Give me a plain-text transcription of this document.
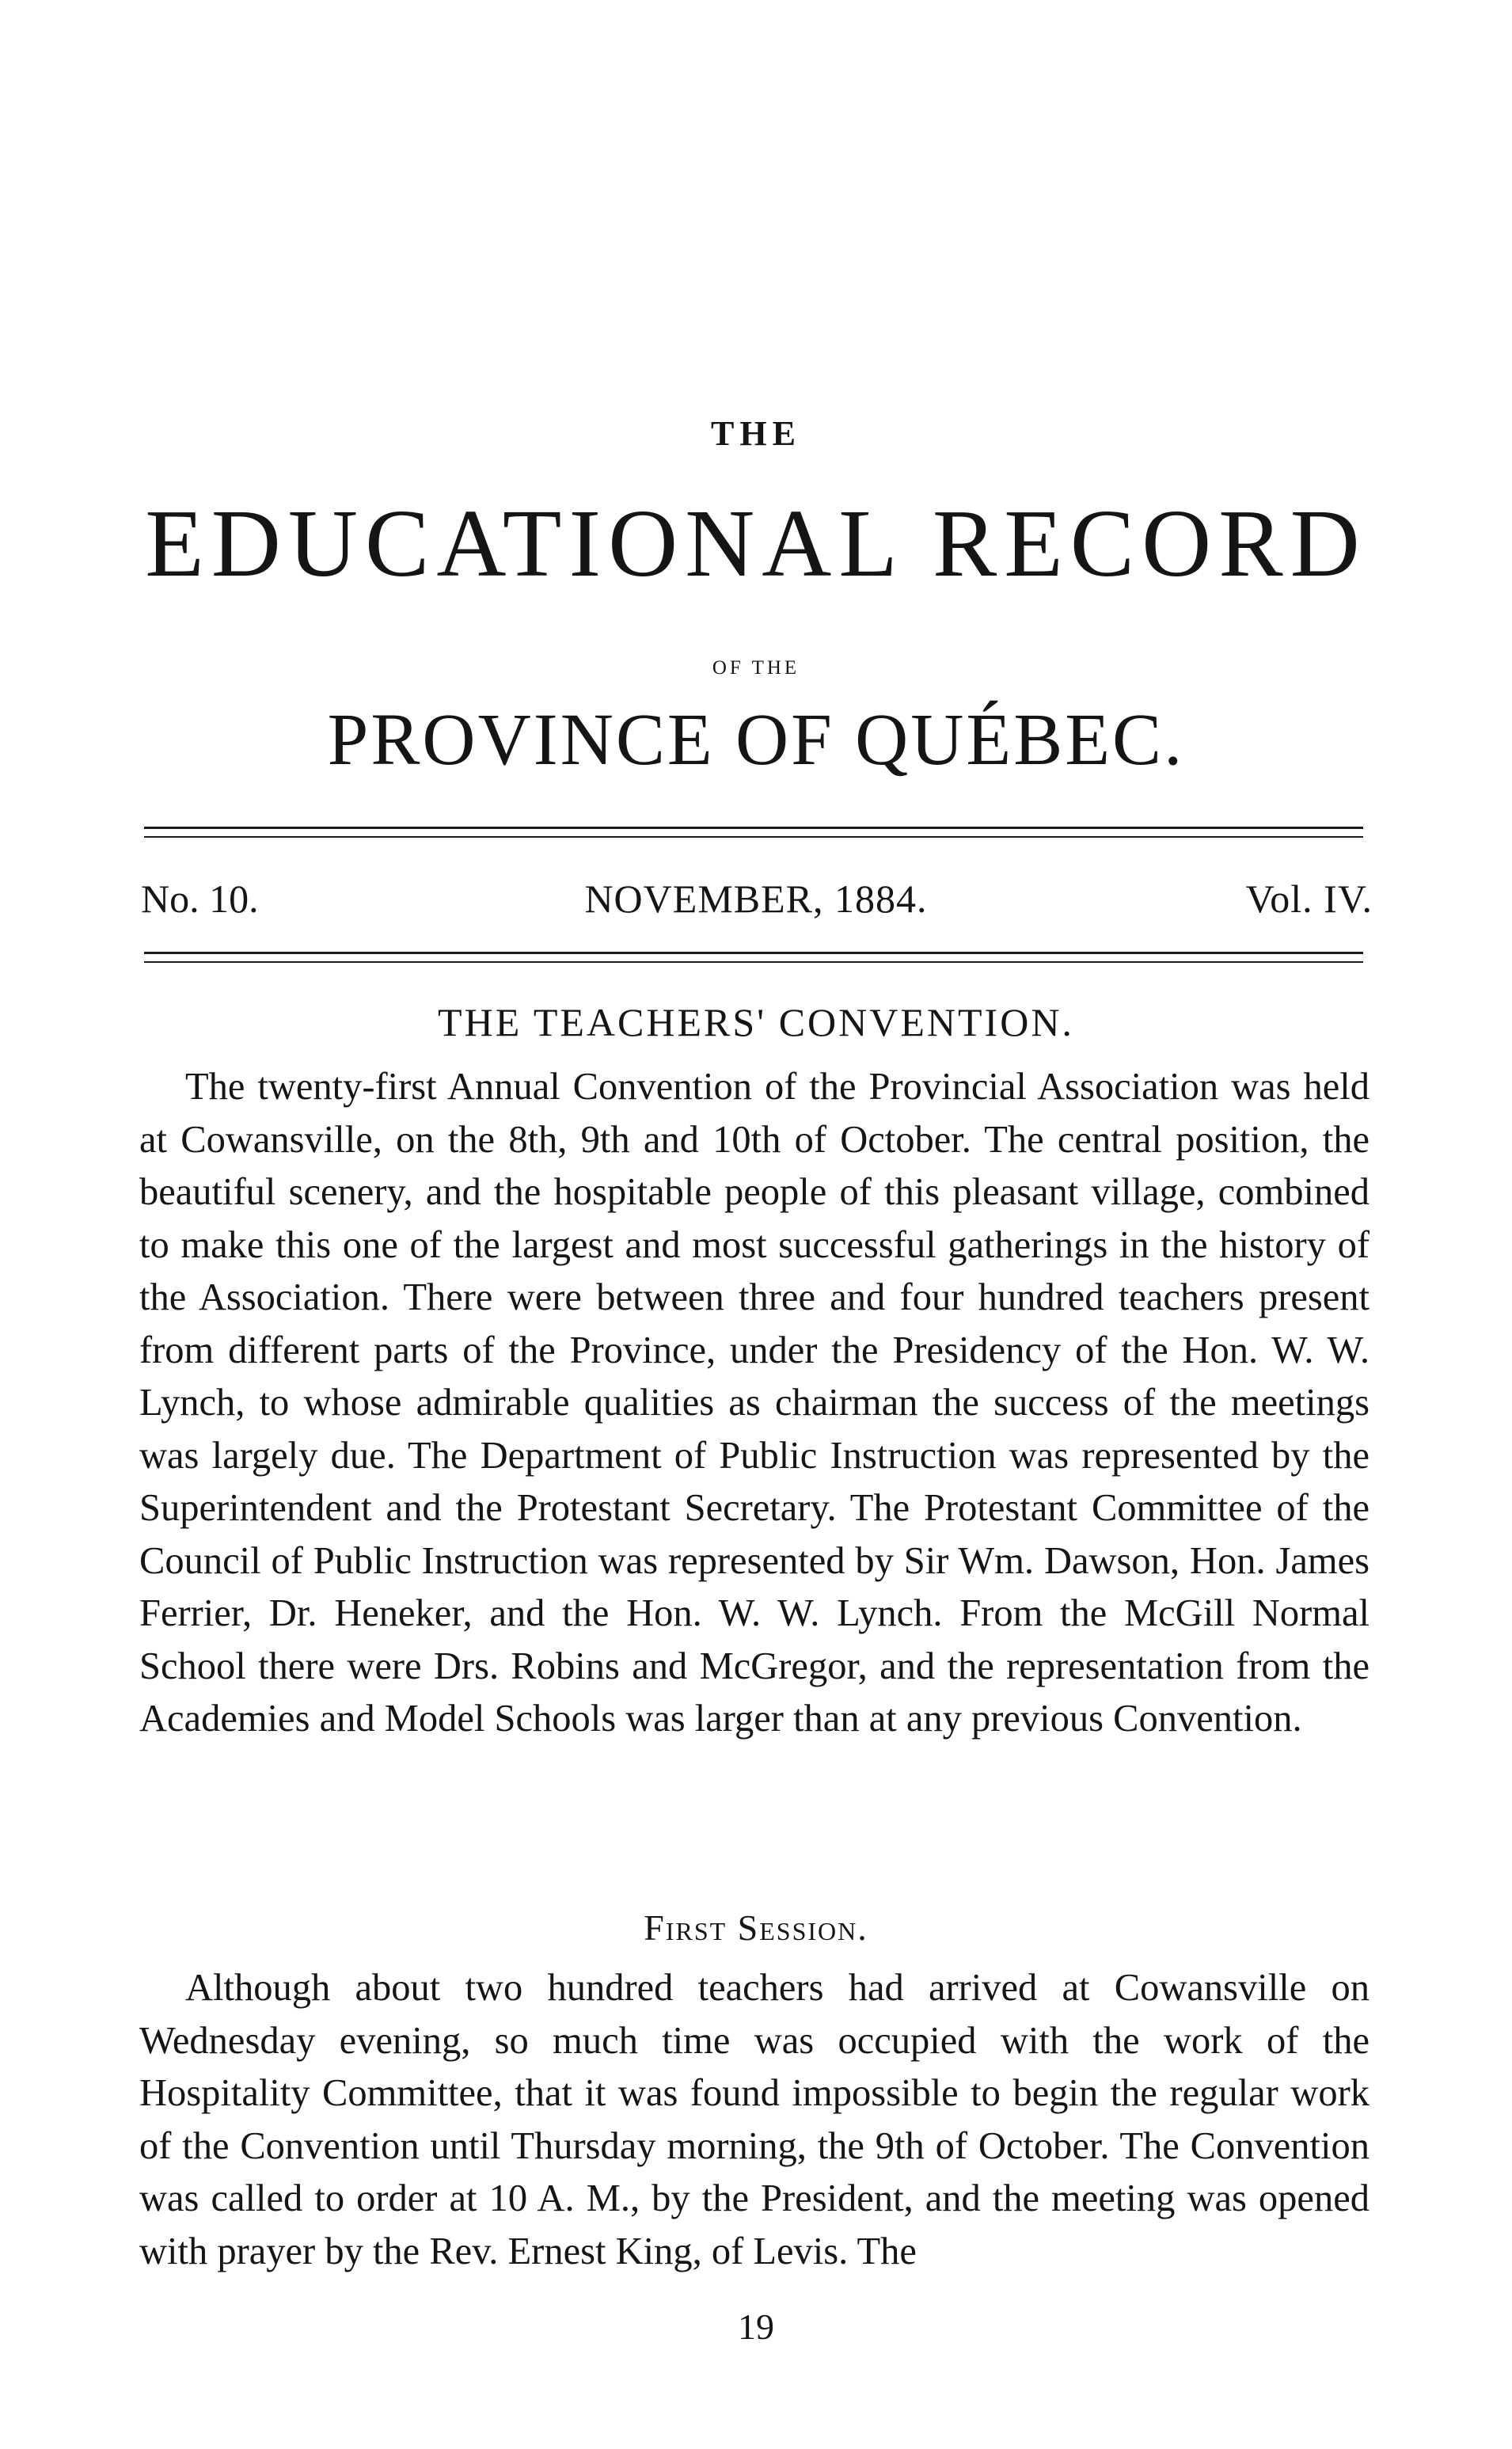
THE
EDUCATIONAL RECORD
OF THE
PROVINCE OF QUÉBEC.
No. 10.	NOVEMBER, 1884.	Vol. IV.
THE TEACHERS' CONVENTION.

The twenty-first Annual Convention of the Provincial Association was held at Cowansville, on the 8th, 9th and 10th of October. The central position, the beautiful scenery, and the hospitable people of this pleasant village, combined to make this one of the largest and most successful gatherings in the history of the Association. There were between three and four hundred teachers present from different parts of the Province, under the Presidency of the Hon. W. W. Lynch, to whose admirable qualities as chairman the success of the meetings was largely due. The Department of Public Instruction was represented by the Superintendent and the Protestant Secretary. The Protestant Committee of the Council of Public Instruction was represented by Sir Wm. Dawson, Hon. James Ferrier, Dr. Heneker, and the Hon. W. W. Lynch. From the McGill Normal School there were Drs. Robins and McGregor, and the representation from the Academies and Model Schools was larger than at any previous Convention.

First Session.

Although about two hundred teachers had arrived at Cowansville on Wednesday evening, so much time was occupied with the work of the Hospitality Committee, that it was found impossible to begin the regular work of the Convention until Thursday morning, the 9th of October. The Convention was called to order at 10 A. M., by the President, and the meeting was opened with prayer by the Rev. Ernest King, of Levis. The

19
